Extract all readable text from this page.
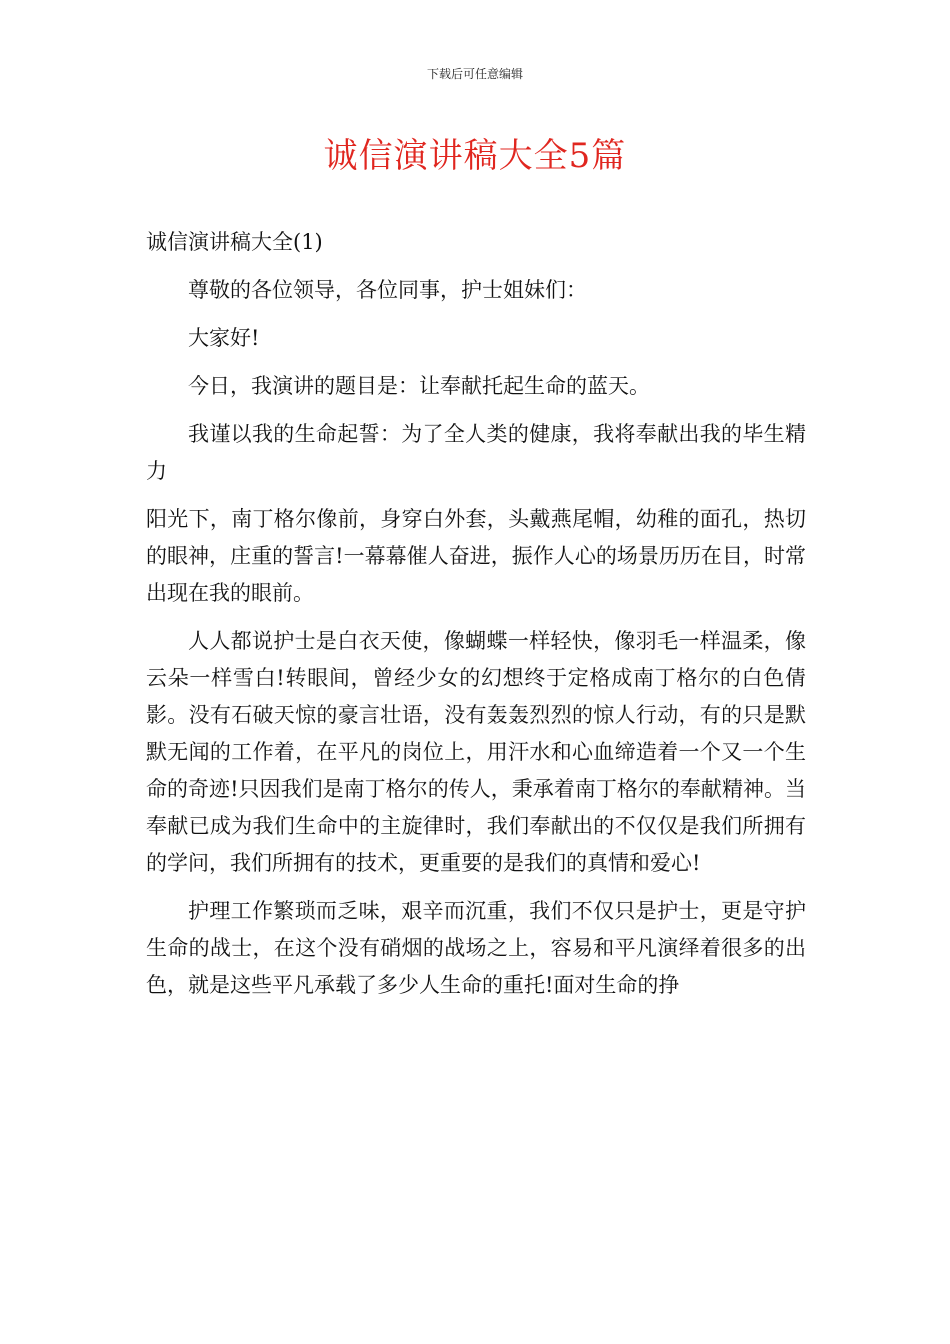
下载后可任意编辑
诚信演讲稿大全5篇

诚信演讲稿大全(1)

尊敬的各位领导，各位同事，护士姐妹们：

大家好!

今日，我演讲的题目是：让奉献托起生命的蓝天。

我谨以我的生命起誓：为了全人类的健康，我将奉献出我的毕生精力

阳光下，南丁格尔像前，身穿白外套，头戴燕尾帽，幼稚的面孔，热切的眼神，庄重的誓言!一幕幕催人奋进，振作人心的场景历历在目，时常出现在我的眼前。

人人都说护士是白衣天使，像蝴蝶一样轻快，像羽毛一样温柔，像云朵一样雪白!转眼间，曾经少女的幻想终于定格成南丁格尔的白色倩影。没有石破天惊的豪言壮语，没有轰轰烈烈的惊人行动，有的只是默默无闻的工作着，在平凡的岗位上，用汗水和心血缔造着一个又一个生命的奇迹!只因我们是南丁格尔的传人，秉承着南丁格尔的奉献精神。当奉献已成为我们生命中的主旋律时，我们奉献出的不仅仅是我们所拥有的学问，我们所拥有的技术，更重要的是我们的真情和爱心!

护理工作繁琐而乏味，艰辛而沉重，我们不仅只是护士，更是守护生命的战士，在这个没有硝烟的战场之上，容易和平凡演绎着很多的出色，就是这些平凡承载了多少人生命的重托!面对生命的挣
